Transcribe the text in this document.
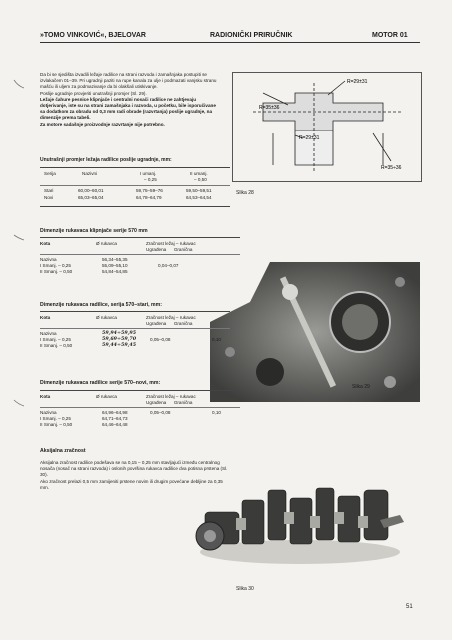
»TOMO VINKOVIĆ«, BJELOVAR	RADIONIČKI PRIRUČNIK	MOTOR 01

Da bi se sjedišta izvadili ležaje radilice na strani razvoda i zamašnjaka postupiti se izvlakačem 01–39. Pri ugradnji paziti na rupe kanala za ulje i podmazati vanjsku stranu mašću ili uljem za podmazivanje da bi olakšali utiskivanje.

Poslije ugradnje provjeriti unutrašnji promjer (Sl. 29).

Ležaje čahure pesnice klipnjače i centralni nosači radilice ne zahtjevaju dotjerivanje, iste su na strani zamašnjaka i razvoda, u početku, bile isporučivane sa dodatkom za obradu od 0,3 mm radi obrade (razvrtanja) poslije ugradnje, na dimenzije prema tabeli.

Za motore sadašnje proizvodnje razvrtanje nije potrebno.

R=29±31
R=35±36
R=29±31
R=35÷36
Slika 28
Unutrašnji promjer ležaja radilice poslije ugradnje, mm:
Serija	Nazivni	I umanj.	II umanj.
– 0,25	– 0,50
Stari	60,00–60,01	59,75–59–76	59,50–59,51
Novi	65,03–65,04	64,78–64,79	64,53–64,54
Dimenzije rukavaca klipnjače serije 570 mm
Kota	Ø rukavca	Zračnost ležaj – rukavac
Ugrađena      Granična
Nazivna	56,34–55,35
I Smanj. – 0,25	55,09–55,10	0,04–0,07
II Smanj. – 0,50	54,84–54,85
Dimenzije rukavaca radilice, serija 570–stari, mm:
Kota	Ø rukavca	Zračnost ležaj – rukavac
Ugrađena      Granična
Nazivna	59,94÷59,95
I Smanj. – 0,25	59,69÷59,70	0,05–0,08	0,10
II Smanj. – 0,50	59,44÷59,45
Slika 29
Dimenzije rukavaca radilice serije 570–novi, mm:
Kota	Ø rukavca	Zračnost ležaj – rukavac
Ugrađena      Granična
Nazivna	64,96–64,98	0,05–0,08	0,10
I Smanj. – 0,25	64,71–64,73
II Smanj. – 0,50	64,46–64,48
Aksijalna zračnost

Aksijalna zračnost radilice podešava se na 0,15 – 0,25 mm stavljajući između centralnog nosača (nosač na strani razvoda) i oslonih površina rukavca radilice dva potisna prstena (Sl. 30).

Ako zračnost prelazi 0,5 mm zamijeniti prstene novim ili drugim povećane debljine za 0,35 mm.

Slika 30
51
